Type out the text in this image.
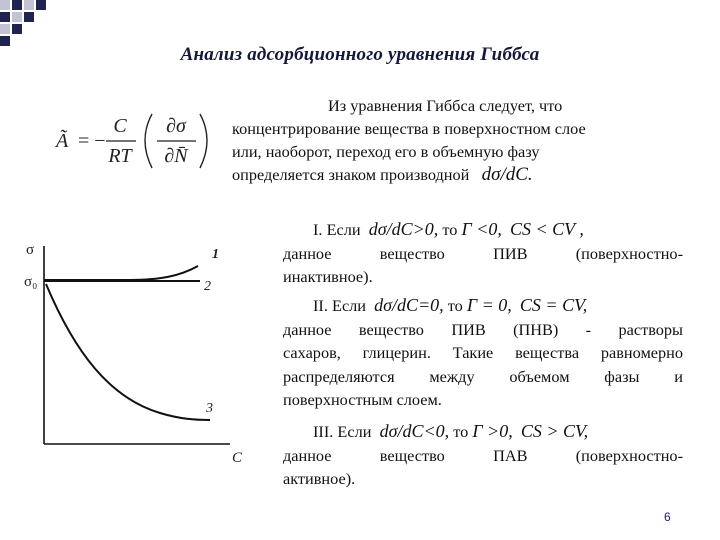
Анализ адсорбционного уравнения Гиббса
Ã = −
C
RT
∂σ
∂N̄

Из уравнения Гиббса следует, что

концентрирование вещества в поверхностном слое

или, наоборот, переход его в объемную фазу

определяется знаком производной dσ/dC.

σ
σ₀
C
1
2
3
I. Если dσ/dC>0, то Г <0, CS < CV ,
данное вещество ПИВ (поверхностно-
инактивное).
II. Если dσ/dC=0, то Г = 0, CS = CV,
данное вещество ПИВ (ПНВ) - растворы
сахаров, глицерин. Такие вещества равномерно
распределяются между объемом фазы и
поверхностным слоем.
III. Если dσ/dC<0, то Г >0, CS > CV,
данное вещество ПАВ (поверхностно-
активное).
6
